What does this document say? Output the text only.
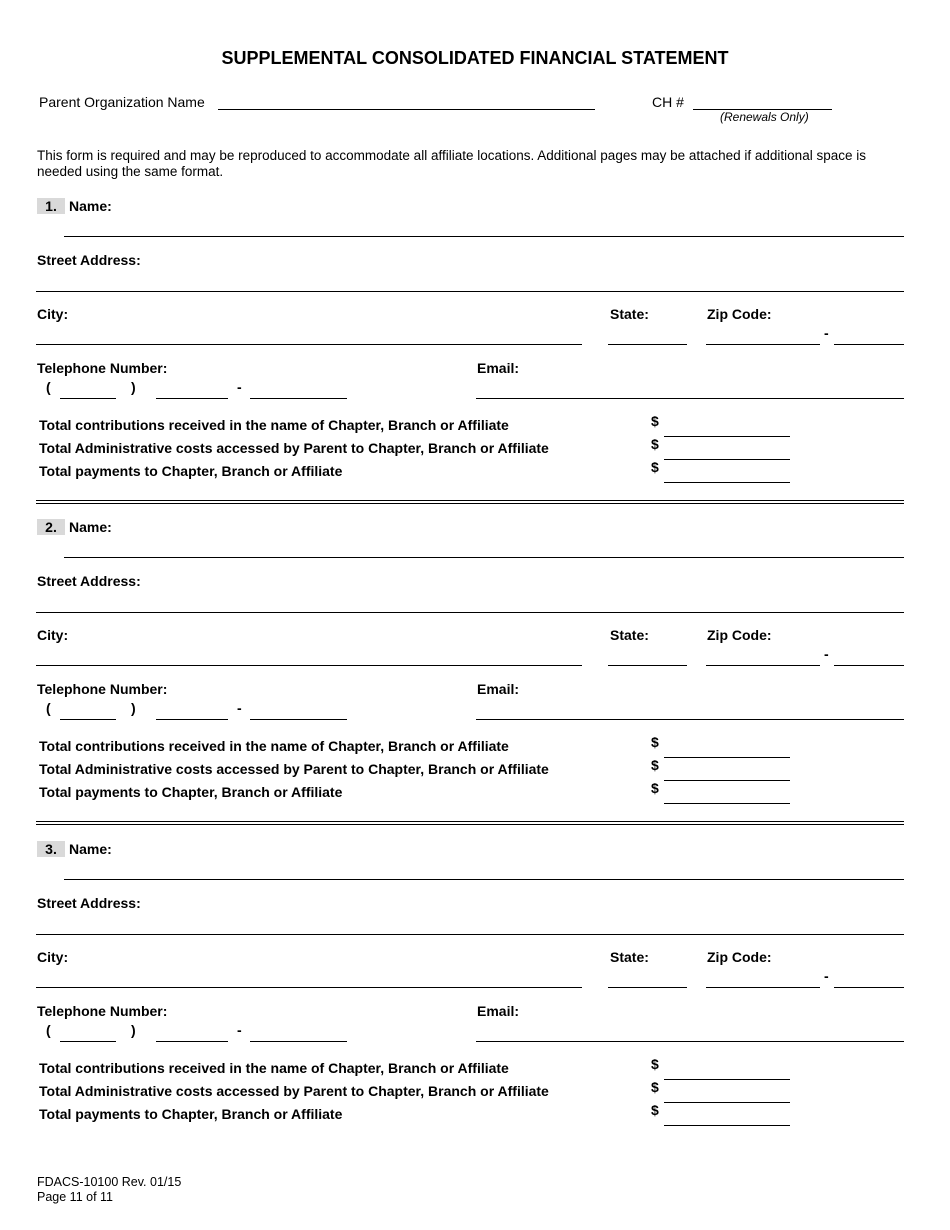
SUPPLEMENTAL CONSOLIDATED FINANCIAL STATEMENT
Parent Organization Name	CH #
(Renewals Only)
This form is required and may be reproduced to accommodate all affiliate locations. Additional pages may be attached if additional space is needed using the same format.
1. Name:
Street Address:
City:	State:	Zip Code:
-
Telephone Number:
(	)	-
Email:
Total contributions received in the name of Chapter, Branch or Affiliate	$
Total Administrative costs accessed by Parent to Chapter, Branch or Affiliate	$
Total payments to Chapter, Branch or Affiliate	$
2. Name:
Street Address:
City:	State:	Zip Code:
-
Telephone Number:
(	)	-
Email:
Total contributions received in the name of Chapter, Branch or Affiliate	$
Total Administrative costs accessed by Parent to Chapter, Branch or Affiliate	$
Total payments to Chapter, Branch or Affiliate	$
3. Name:
Street Address:
City:	State:	Zip Code:
-
Telephone Number:
(	)	-
Email:
Total contributions received in the name of Chapter, Branch or Affiliate	$
Total Administrative costs accessed by Parent to Chapter, Branch or Affiliate	$
Total payments to Chapter, Branch or Affiliate	$
FDACS-10100 Rev. 01/15
Page 11 of 11
